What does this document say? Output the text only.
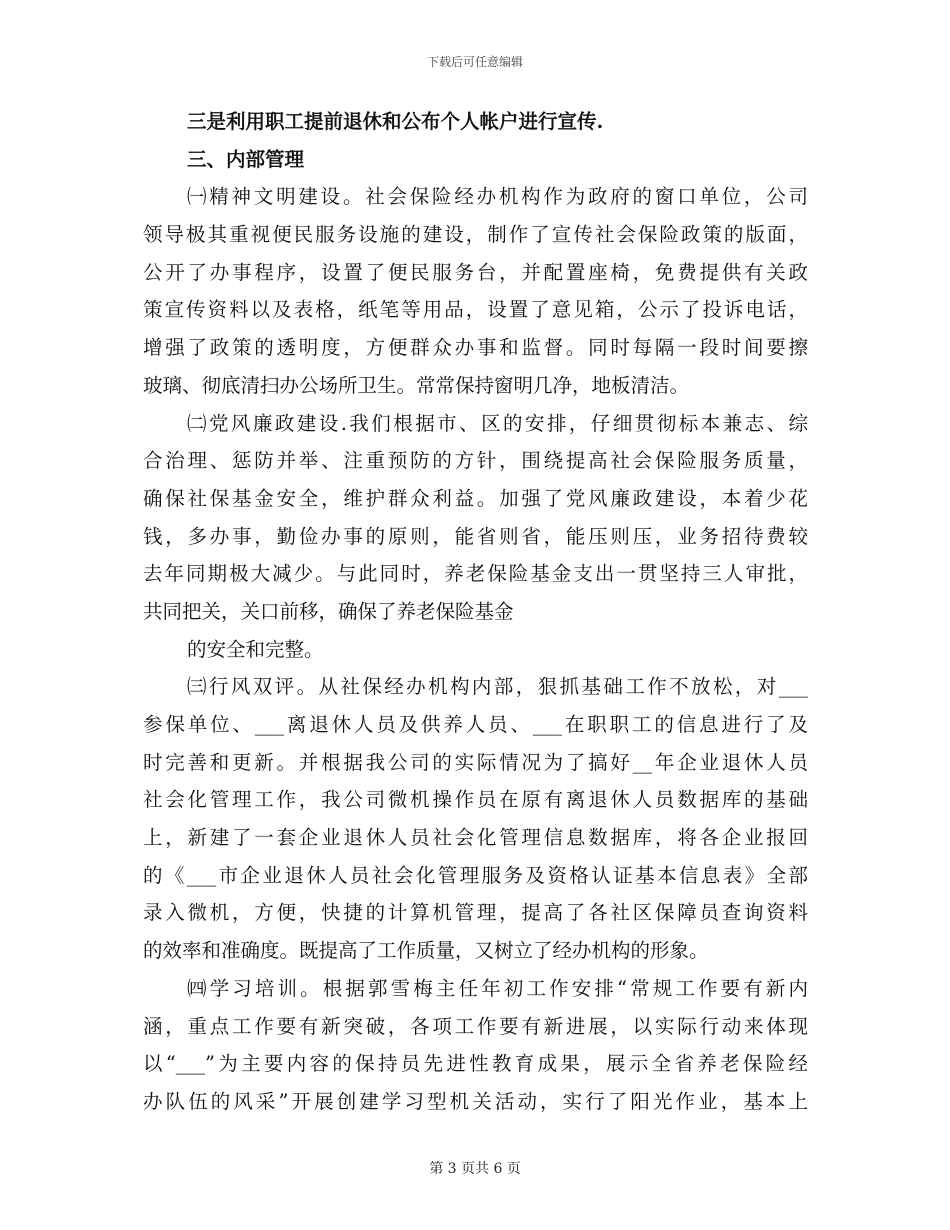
下载后可任意编辑
三是利用职工提前退休和公布个人帐户进行宣传.
三、内部管理
㈠精神文明建设。社会保险经办机构作为政府的窗口单位，公司
领导极其重视便民服务设施的建设，制作了宣传社会保险政策的版面，
公开了办事程序，设置了便民服务台，并配置座椅，免费提供有关政
策宣传资料以及表格，纸笔等用品，设置了意见箱，公示了投诉电话，
增强了政策的透明度，方便群众办事和监督。同时每隔一段时间要擦
玻璃、彻底清扫办公场所卫生。常常保持窗明几净，地板清洁。
㈡党风廉政建设.我们根据市、区的安排，仔细贯彻标本兼志、综
合治理、惩防并举、注重预防的方针，围绕提高社会保险服务质量，
确保社保基金安全，维护群众利益。加强了党风廉政建设，本着少花
钱，多办事，勤俭办事的原则，能省则省，能压则压，业务招待费较
去年同期极大减少。与此同时，养老保险基金支出一贯坚持三人审批，
共同把关，关口前移，确保了养老保险基金
的安全和完整。
㈢行风双评。从社保经办机构内部，狠抓基础工作不放松，对___
参保单位、___离退休人员及供养人员、___在职职工的信息进行了及
时完善和更新。并根据我公司的实际情况为了搞好__年企业退休人员
社会化管理工作，我公司微机操作员在原有离退休人员数据库的基础
上，新建了一套企业退休人员社会化管理信息数据库，将各企业报回
的《___市企业退休人员社会化管理服务及资格认证基本信息表》全部
录入微机，方便，快捷的计算机管理，提高了各社区保障员查询资料
的效率和准确度。既提高了工作质量，又树立了经办机构的形象。
㈣学习培训。根据郭雪梅主任年初工作安排“常规工作要有新内
涵，重点工作要有新突破，各项工作要有新进展，以实际行动来体现
以“___”为主要内容的保持员先进性教育成果，展示全省养老保险经
办队伍的风采”开展创建学习型机关活动，实行了阳光作业，基本上
第 3 页共 6 页
